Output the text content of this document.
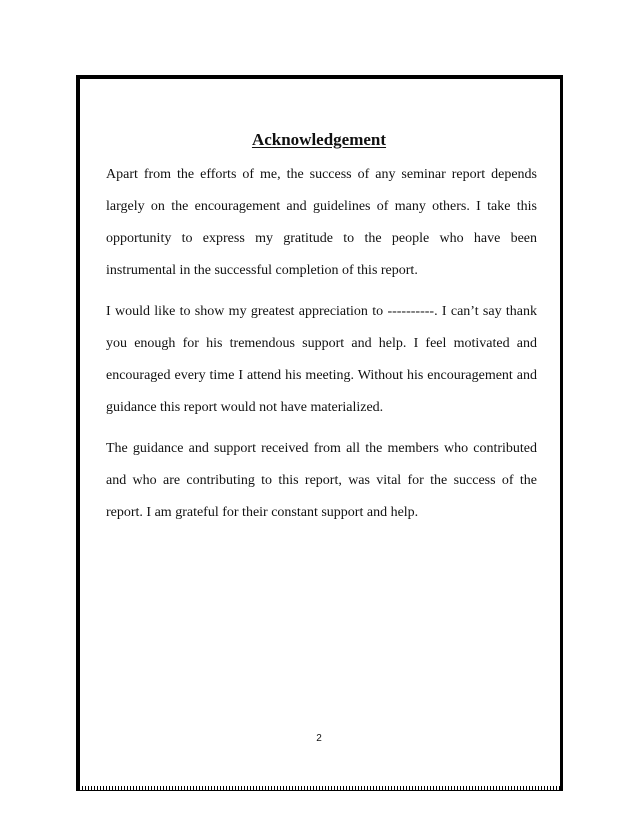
Acknowledgement

Apart from the efforts of me, the success of any seminar report depends largely on the encouragement and guidelines of many others. I take this opportunity to express my gratitude to the people who have been instrumental in the successful completion of this report.

I would like to show my greatest appreciation to ----------. I can’t say thank you enough for his tremendous support and help. I feel motivated and encouraged every time I attend his meeting. Without his encouragement and guidance this report would not have materialized.

The guidance and support received from all the members who contributed and who are contributing to this report, was vital for the success of the report. I am grateful for their constant support and help.

2
